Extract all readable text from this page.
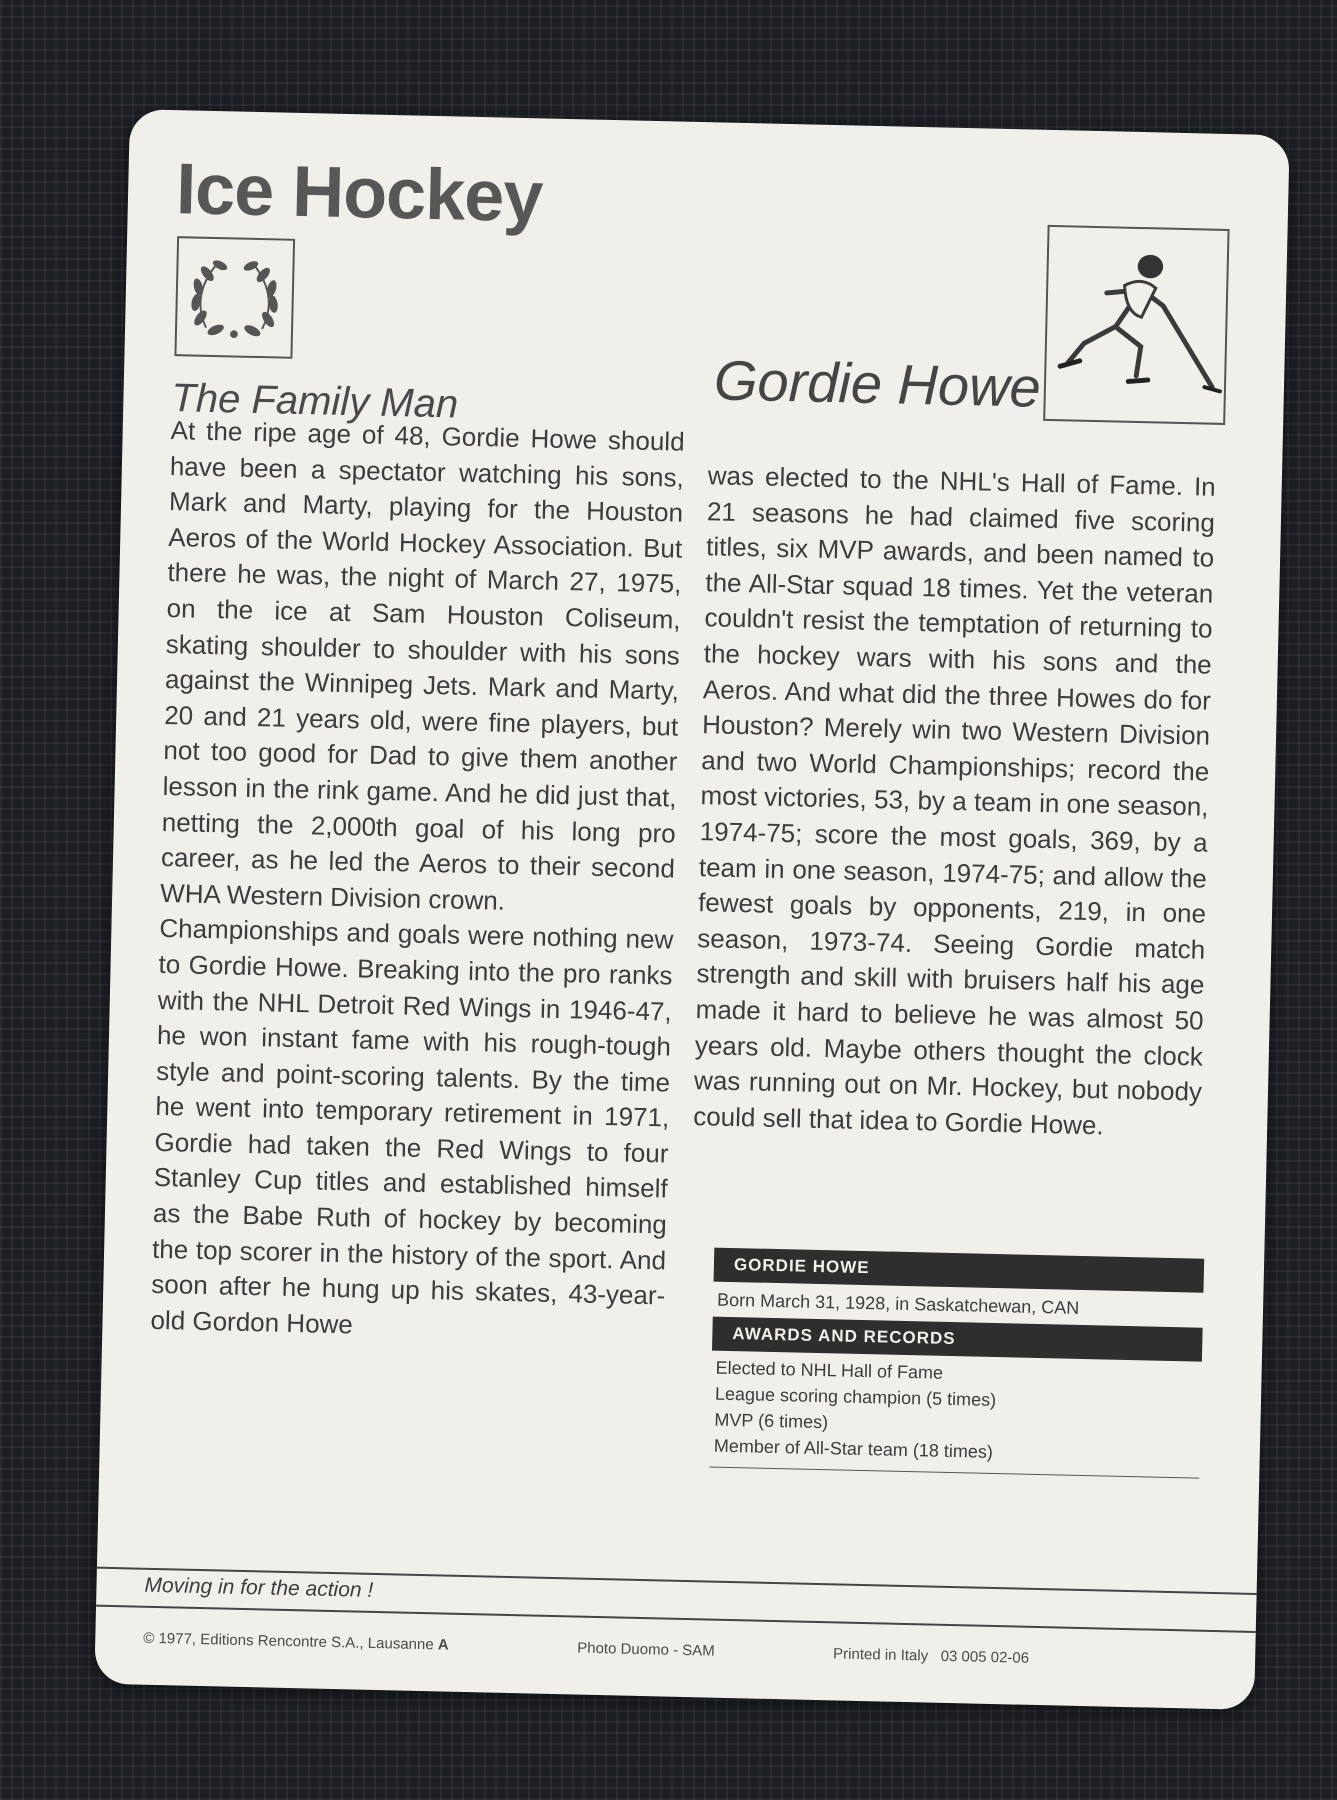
Ice Hockey
The Family Man	Gordie Howe

At the ripe age of 48, Gordie Howe should have been a spectator watching his sons, Mark and Marty, playing for the Houston Aeros of the World Hockey Association. But there he was, the night of March 27, 1975, on the ice at Sam Houston Coliseum, skating shoulder to shoulder with his sons against the Winnipeg Jets. Mark and Marty, 20 and 21 years old, were fine players, but not too good for Dad to give them another lesson in the rink game. And he did just that, netting the 2,000th goal of his long pro career, as he led the Aeros to their second WHA Western Division crown.

Championships and goals were nothing new to Gordie Howe. Breaking into the pro ranks with the NHL Detroit Red Wings in 1946-47, he won instant fame with his rough-tough style and point-scoring talents. By the time he went into temporary retirement in 1971, Gordie had taken the Red Wings to four Stanley Cup titles and established himself as the Babe Ruth of hockey by becoming the top scorer in the history of the sport. And soon after he hung up his skates, 43-year-old Gordon Howe

was elected to the NHL's Hall of Fame. In 21 seasons he had claimed five scoring titles, six MVP awards, and been named to the All-Star squad 18 times. Yet the veteran couldn't resist the temptation of returning to the hockey wars with his sons and the Aeros. And what did the three Howes do for Houston? Merely win two Western Division and two World Championships; record the most victories, 53, by a team in one season, 1974-75; score the most goals, 369, by a team in one season, 1974-75; and allow the fewest goals by opponents, 219, in one season, 1973-74. Seeing Gordie match strength and skill with bruisers half his age made it hard to believe he was almost 50 years old. Maybe others thought the clock was running out on Mr. Hockey, but nobody could sell that idea to Gordie Howe.

GORDIE HOWE

Born March 31, 1928, in Saskatchewan, CAN

AWARDS AND RECORDS
Elected to NHL Hall of Fame
League scoring champion (5 times)
MVP (6 times)
Member of All-Star team (18 times)

Moving in for the action !

© 1977, Editions Rencontre S.A., Lausanne A	Photo Duomo - SAM	Printed in Italy   03 005 02-06
